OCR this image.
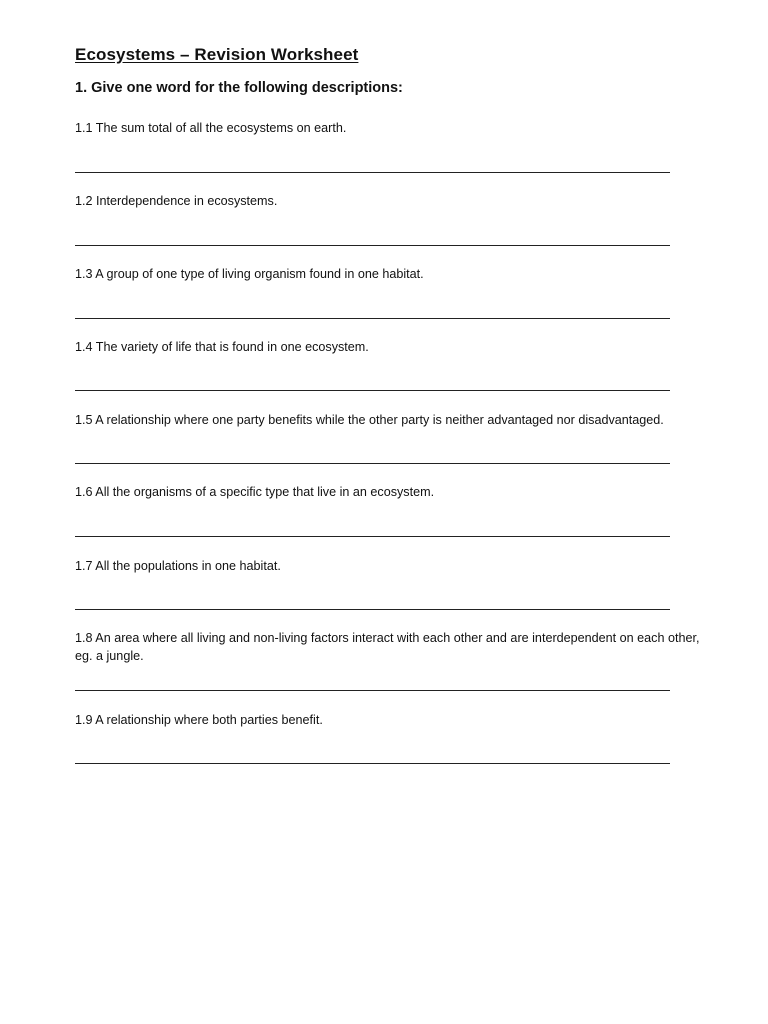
Ecosystems – Revision Worksheet
1. Give one word for the following descriptions:
1.1 The sum total of all the ecosystems on earth.
1.2 Interdependence in ecosystems.
1.3 A group of one type of living organism found in one habitat.
1.4 The variety of life that is found in one ecosystem.
1.5 A relationship where one party benefits while the other party is neither advantaged nor disadvantaged.
1.6 All the organisms of a specific type that live in an ecosystem.
1.7 All the populations in one habitat.
1.8 An area where all living and non-living factors interact with each other and are interdependent on each other, eg. a jungle.
1.9 A relationship where both parties benefit.
